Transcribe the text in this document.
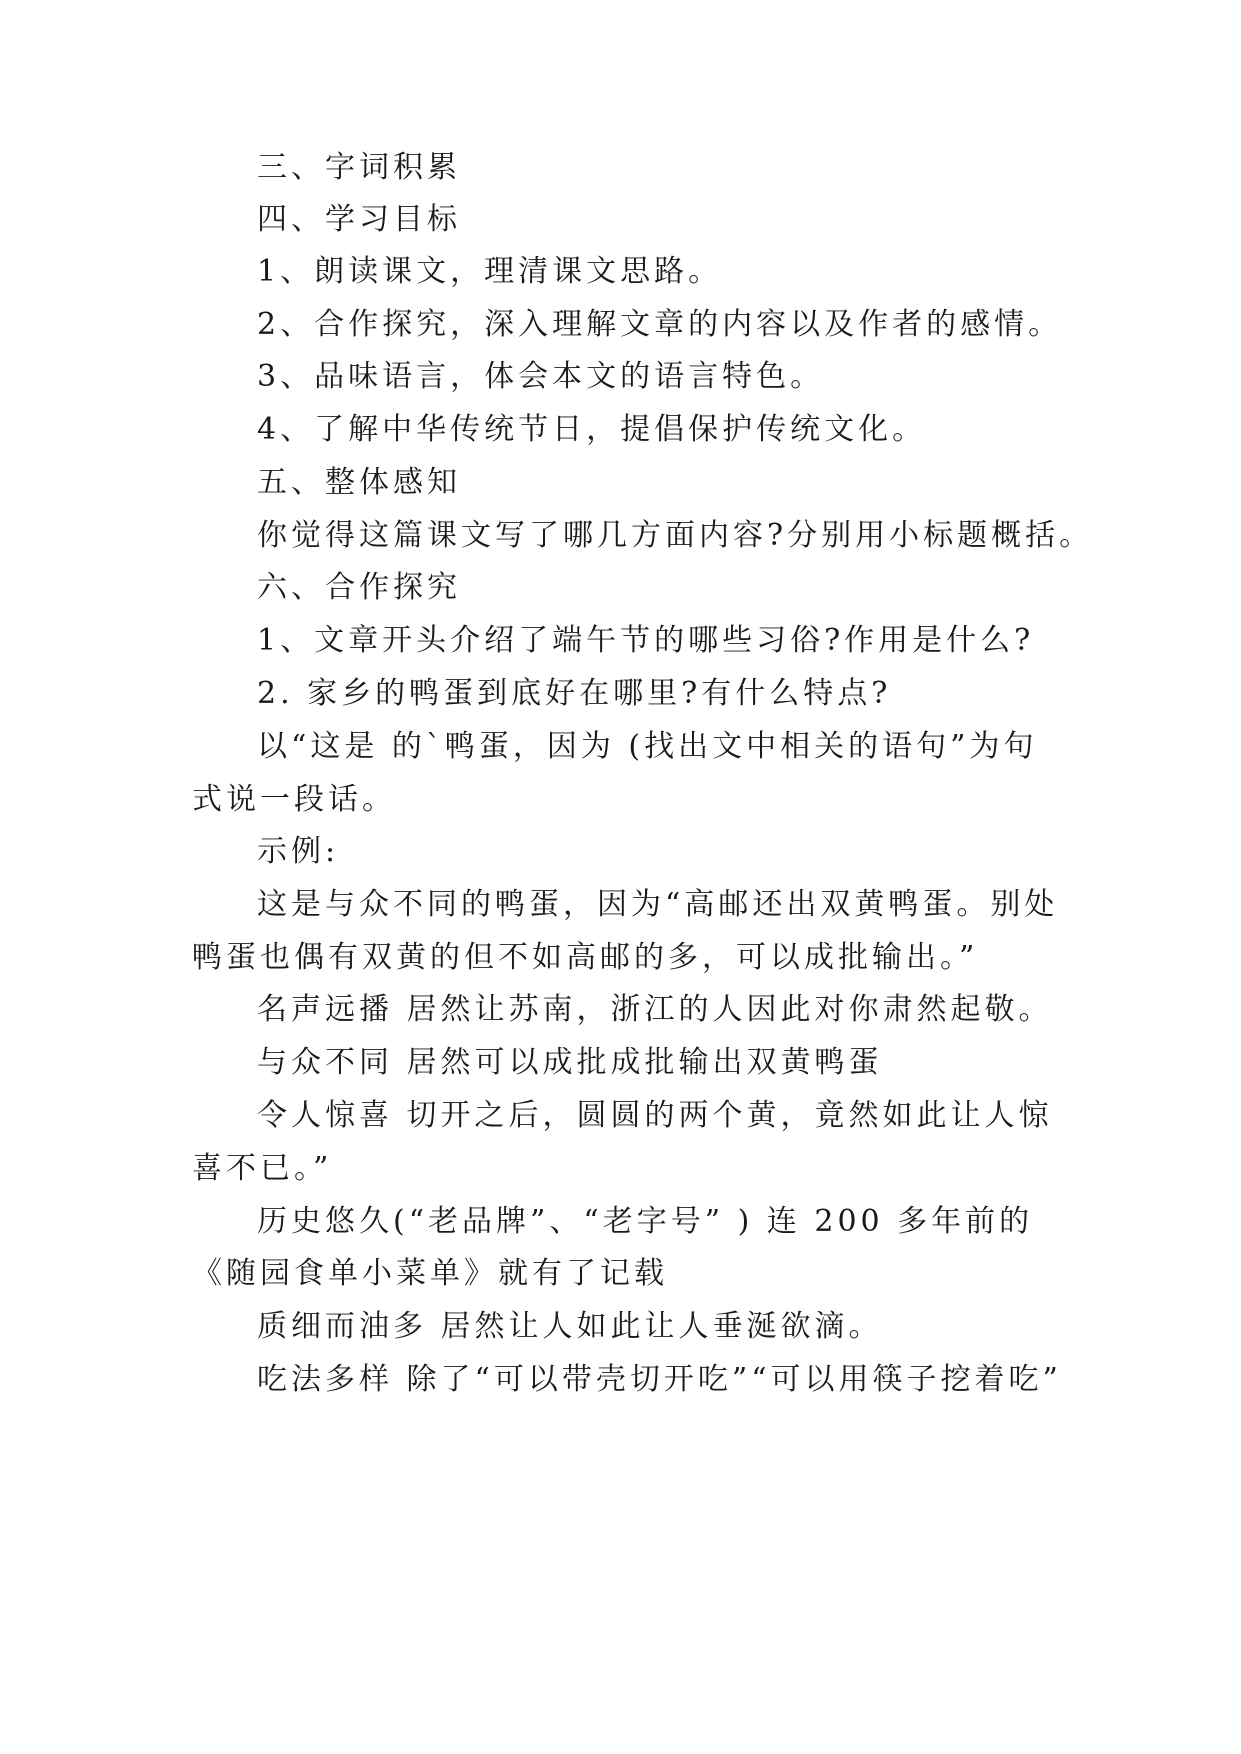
三、字词积累
四、学习目标
1、朗读课文，理清课文思路。
2、合作探究，深入理解文章的内容以及作者的感情。
3、品味语言，体会本文的语言特色。
4、了解中华传统节日，提倡保护传统文化。
五、整体感知
你觉得这篇课文写了哪几方面内容?分别用小标题概括。
六、合作探究
1、文章开头介绍了端午节的哪些习俗?作用是什么?
2. 家乡的鸭蛋到底好在哪里?有什么特点?
以“这是 的`鸭蛋，因为 (找出文中相关的语句”为句
式说一段话。
示例:
这是与众不同的鸭蛋，因为“高邮还出双黄鸭蛋。别处
鸭蛋也偶有双黄的但不如高邮的多，可以成批输出。”
名声远播 居然让苏南，浙江的人因此对你肃然起敬。
与众不同 居然可以成批成批输出双黄鸭蛋
令人惊喜 切开之后，圆圆的两个黄，竟然如此让人惊
喜不已。”
历史悠久(“老品牌”、“老字号” ) 连 200 多年前的
《随园食单小菜单》就有了记载
质细而油多 居然让人如此让人垂涎欲滴。
吃法多样 除了“可以带壳切开吃”“可以用筷子挖着吃”
